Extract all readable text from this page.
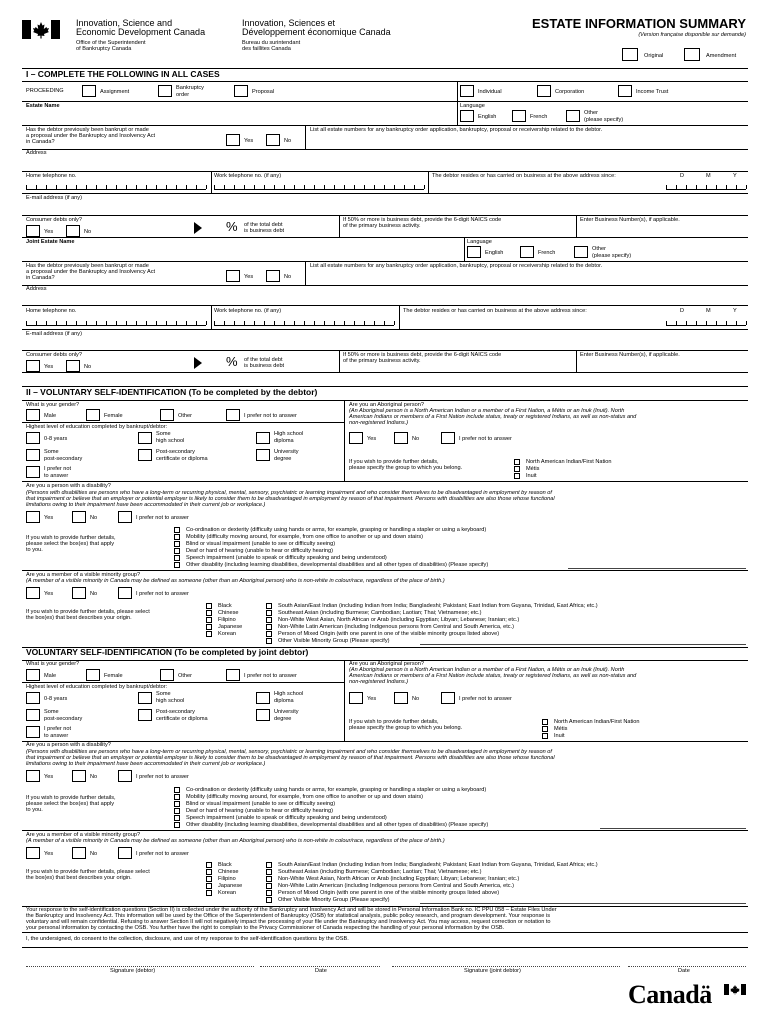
Innovation, Science and
Economic Development Canada
Innovation, Sciences et
Développement économique Canada
Office of the Superintendent
of Bankruptcy Canada
Bureau du surintendant
des faillites Canada
ESTATE INFORMATION SUMMARY
(Version française disponible sur demande)
Original	Amendment
I – COMPLETE THE FOLLOWING IN ALL CASES
PROCEEDING	Assignment
Bankruptcy
order	Proposal	Individual	Corporation	Income Trust
Estate Name	Language
English	French
Other
(please specify)
Has the debtor previously been bankrupt or made
a proposal under the Bankruptcy and Insolvency Act
in Canada?	Yes	No
List all estate numbers for any bankruptcy order application, bankruptcy, proposal or receivership related to the debtor.
Address
Home telephone no.	Work telephone no. (if any)	The debtor resides or has carried on business at the above address since:	D	M	Y
E-mail address (if any)
Consumer debts only?
Yes	No	% of the total debt
is business debt
If 50% or more is business debt, provide the 6-digit NAICS code
of the primary business activity.
Enter Business Number(s), if applicable.
Joint Estate Name	Language
English	French
Other
(please specify)
Has the debtor previously been bankrupt or made
a proposal under the Bankruptcy and Insolvency Act
in Canada?	Yes	No
List all estate numbers for any bankruptcy order application, bankruptcy, proposal or receivership related to the debtor.
Address
Home telephone no.	Work telephone no. (if any)	The debtor resides or has carried on business at the above address since:	D	M	Y
E-mail address (if any)
Consumer debts only?
Yes	No	% of the total debt
is business debt
If 50% or more is business debt, provide the 6-digit NAICS code
of the primary business activity.
Enter Business Number(s), if applicable.
II – VOLUNTARY SELF-IDENTIFICATION (To be completed by the debtor)
What is your gender?
Male	Female	Other	I prefer not to answer
Highest level of education completed by bankrupt/debtor:
0-8 years
Some
high school
High school
diploma
Some
post-secondary
Post-secondary
certificate or diploma
University
degree
I prefer not
to answer
Are you an Aboriginal person?
(An Aboriginal person is a North American Indian or a member of a First Nation, a Métis or an Inuk (Inuit). North
American Indians or members of a First Nation include status, treaty or registered Indians, as well as non-status and
non-registered Indians.)
Yes	No	I prefer not to answer
If you wish to provide further details,
please specify the group to which you belong.
North American Indian/First Nation
Métis
Inuit
Are you a person with a disability?
(Persons with disabilities are persons who have a long-term or recurring physical, mental, sensory, psychiatric or learning impairment and who consider themselves to be disadvantaged in employment by reason of
that impairment or believe that an employer or potential employer is likely to consider them to be disadvantaged in employment by reason of that impairment. Persons with disabilities are also those whose functional
limitations owing to their impairment have been accommodated in their current job or workplace.)
Yes	No	I prefer not to answer
If you wish to provide further details,
please select the box(es) that apply
to you.
Co-ordination or dexterity (difficulty using hands or arms, for example, grasping or handling a stapler or using a keyboard)
Mobility (difficulty moving around, for example, from one office to another or up and down stairs)
Blind or visual impairment (unable to see or difficulty seeing)
Deaf or hard of hearing (unable to hear or difficulty hearing)
Speech impairment (unable to speak or difficulty speaking and being understood)
Other disability (including learning disabilities, developmental disabilities and all other types of disabilities) (Please specify)
Are you a member of a visible minority group?
(A member of a visible minority in Canada may be defined as someone (other than an Aboriginal person) who is non-white in colour/race, regardless of the place of birth.)
Yes	No	I prefer not to answer
If you wish to provide further details, please select
the box(es) that best describes your origin.
Black
Chinese
Filipino
Japanese
Korean
South Asian/East Indian (including Indian from India; Bangladeshi; Pakistani; East Indian from Guyana, Trinidad, East Africa; etc.)
Southeast Asian (including Burmese; Cambodian; Laotian; Thai; Vietnamese; etc.)
Non-White West Asian, North African or Arab (including Egyptian; Libyan; Lebanese; Iranian; etc.)
Non-White Latin American (including Indigenous persons from Central and South America, etc.)
Person of Mixed Origin (with one parent in one of the visible minority groups listed above)
Other Visible Minority Group (Please specify)
VOLUNTARY SELF-IDENTIFICATION (To be completed by joint debtor)
What is your gender?
Male	Female	Other	I prefer not to answer
Highest level of education completed by bankrupt/debtor:
0-8 years
Some
high school
High school
diploma
Some
post-secondary
Post-secondary
certificate or diploma
University
degree
I prefer not
to answer
Are you an Aboriginal person?
(An Aboriginal person is a North American Indian or a member of a First Nation, a Métis or an Inuk (Inuit). North
American Indians or members of a First Nation include status, treaty or registered Indians, as well as non-status and
non-registered Indians.)
Yes	No	I prefer not to answer
If you wish to provide further details,
please specify the group to which you belong.
North American Indian/First Nation
Métis
Inuit
Are you a person with a disability?
(Persons with disabilities are persons who have a long-term or recurring physical, mental, sensory, psychiatric or learning impairment and who consider themselves to be disadvantaged in employment by reason of
that impairment or believe that an employer or potential employer is likely to consider them to be disadvantaged in employment by reason of that impairment. Persons with disabilities are also those whose functional
limitations owing to their impairment have been accommodated in their current job or workplace.)
Yes	No	I prefer not to answer
If you wish to provide further details,
please select the box(es) that apply
to you.
Co-ordination or dexterity (difficulty using hands or arms, for example, grasping or handling a stapler or using a keyboard)
Mobility (difficulty moving around, for example, from one office to another or up and down stairs)
Blind or visual impairment (unable to see or difficulty seeing)
Deaf or hard of hearing (unable to hear or difficulty hearing)
Speech impairment (unable to speak or difficulty speaking and being understood)
Other disability (including learning disabilities, developmental disabilities and all other types of disabilities) (Please specify)
Are you a member of a visible minority group?
(A member of a visible minority in Canada may be defined as someone (other than an Aboriginal person) who is non-white in colour/race, regardless of the place of birth.)
Yes	No	I prefer not to answer
If you wish to provide further details, please select
the box(es) that best describes your origin.
Black
Chinese
Filipino
Japanese
Korean
South Asian/East Indian (including Indian from India; Bangladeshi; Pakistani; East Indian from Guyana, Trinidad, East Africa; etc.)
Southeast Asian (including Burmese; Cambodian; Laotian; Thai; Vietnamese; etc.)
Non-White West Asian, North African or Arab (including Egyptian; Libyan; Lebanese; Iranian; etc.)
Non-White Latin American (including Indigenous persons from Central and South America, etc.)
Person of Mixed Origin (with one parent in one of the visible minority groups listed above)
Other Visible Minority Group (Please specify)
Your response to the self-identification questions (Section II) is collected under the authority of the Bankruptcy and Insolvency Act and will be stored in Personal Information Bank no. IC PPU 058 – Estate Files Under
the Bankruptcy and Insolvency Act. This information will be used by the Office of the Superintendent of Bankruptcy (OSB) for statistical analysis, public policy research, and program development. Your response is
voluntary and will remain confidential. Refusing to answer Section II will not negatively impact the processing of your file under the Bankruptcy and Insolvency Act. You may access, request correction or notation to
your personal information by contacting the OSB. You further have the right to complain to the Privacy Commissioner of Canada respecting the handling of your personal information by the OSB.
I, the undersigned, do consent to the collection, disclosure, and use of my response to the self-identification questions by the OSB.
Signature (debtor)	Date	Signature (joint debtor)	Date
Canadä
